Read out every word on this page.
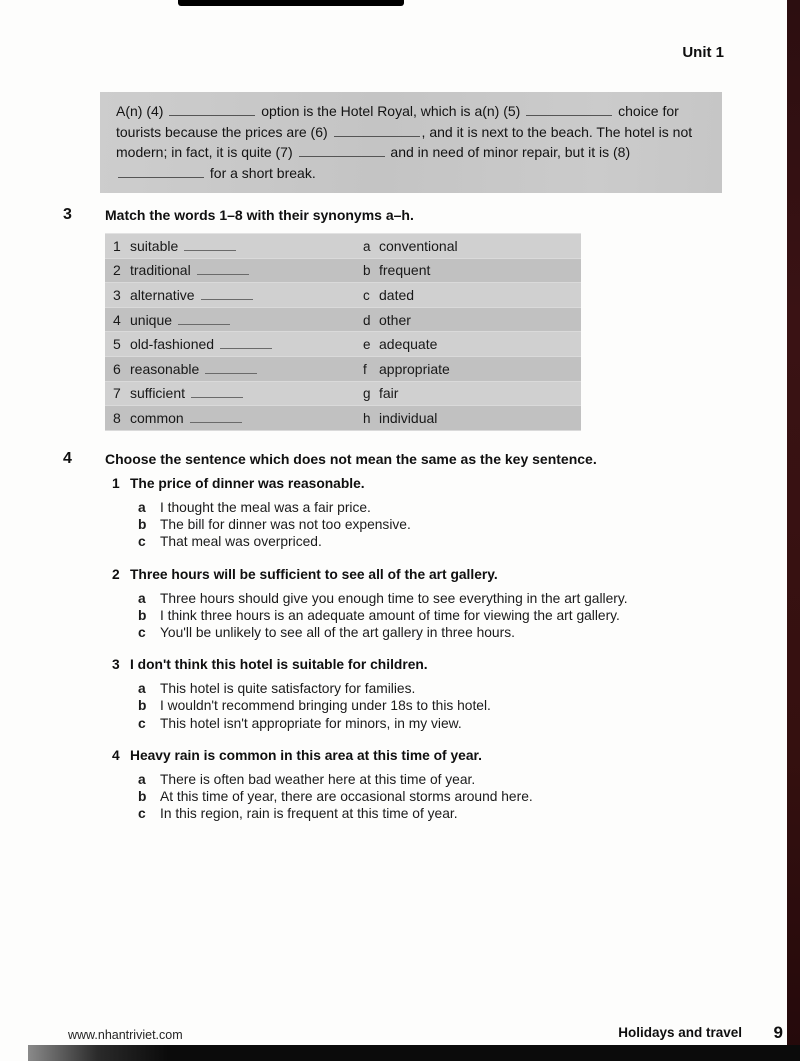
Unit 1

A(n) (4)	option is the Hotel Royal, which is a(n) (5)	choice for tourists because the prices are (6)	, and it is next to the beach. The hotel is not modern; in fact, it is quite (7)	and in need of minor repair, but it is (8)  for a short break.

3	Match the words 1–8 with their synonyms a–h.
1 suitable	a conventional
2 traditional	b frequent
3 alternative	c dated
4 unique	d other
5 old-fashioned	e adequate
6 reasonable	f appropriate
7 sufficient	g fair
8 common	h individual
4	Choose the sentence which does not mean the same as the key sentence.
1 The price of dinner was reasonable.
a	I thought the meal was a fair price.
b The bill for dinner was not too expensive.
c	That meal was overpriced.
2 Three hours will be sufficient to see all of the art gallery.
a	Three hours should give you enough time to see everything in the art gallery.
b I think three hours is an adequate amount of time for viewing the art gallery.
c	You'll be unlikely to see all of the art gallery in three hours.
3 I don't think this hotel is suitable for children.
a	This hotel is quite satisfactory for families.
b I wouldn't recommend bringing under 18s to this hotel.
c	This hotel isn't appropriate for minors, in my view.
4 Heavy rain is common in this area at this time of year.
a	There is often bad weather here at this time of year.
b At this time of year, there are occasional storms around here.
c	In this region, rain is frequent at this time of year.
www.nhantriviet.com	Holidays and travel 9
